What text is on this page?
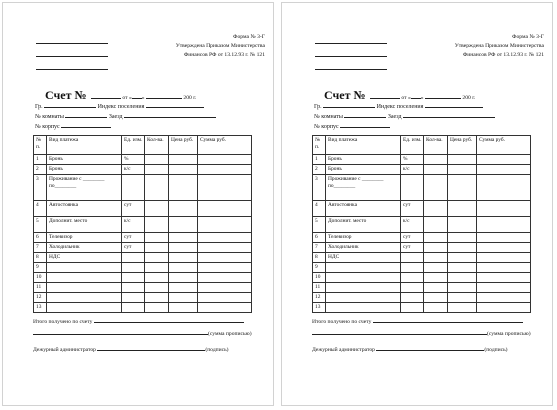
Форма № 3-Г
Утверждена Приказом Министерства
Финансов РФ от 13.12.93 г. № 121
Счет №	от « »	200 г.
Гр.	Индекс поселения
№ комнаты	Заезд
№ корпус
№ п.	Вид платежа	Ед. изм.	Кол-ва.	Цена руб.	Сумма руб.
1	Бронь	%			
2	Бронь	к/с			
3	Проживание с ________ по________				
4	Автостоянка	сут			
5	Дополнит. место	к/с			
6	Телевизор	сут			
7	Холодильник	сут			
8	НДС				
9					
10					
11					
12					
13					
Итого получено по счету
(сумма прописью)
Дежурный администратор	(подпись)
Форма № 3-Г
Утверждена Приказом Министерства
Финансов РФ от 13.12.93 г. № 121
Счет №	от « »	200 г.
Гр.	Индекс поселения
№ комнаты	Заезд
№ корпус
№ п.	Вид платежа	Ед. изм.	Кол-ва.	Цена руб.	Сумма руб.
1	Бронь	%			
2	Бронь	к/с			
3	Проживание с ________ по________				
4	Автостоянка	сут			
5	Дополнит. место	к/с			
6	Телевизор	сут			
7	Холодильник	сут			
8	НДС				
9					
10					
11					
12					
13					
Итого получено по счету
(сумма прописью)
Дежурный администратор	(подпись)
